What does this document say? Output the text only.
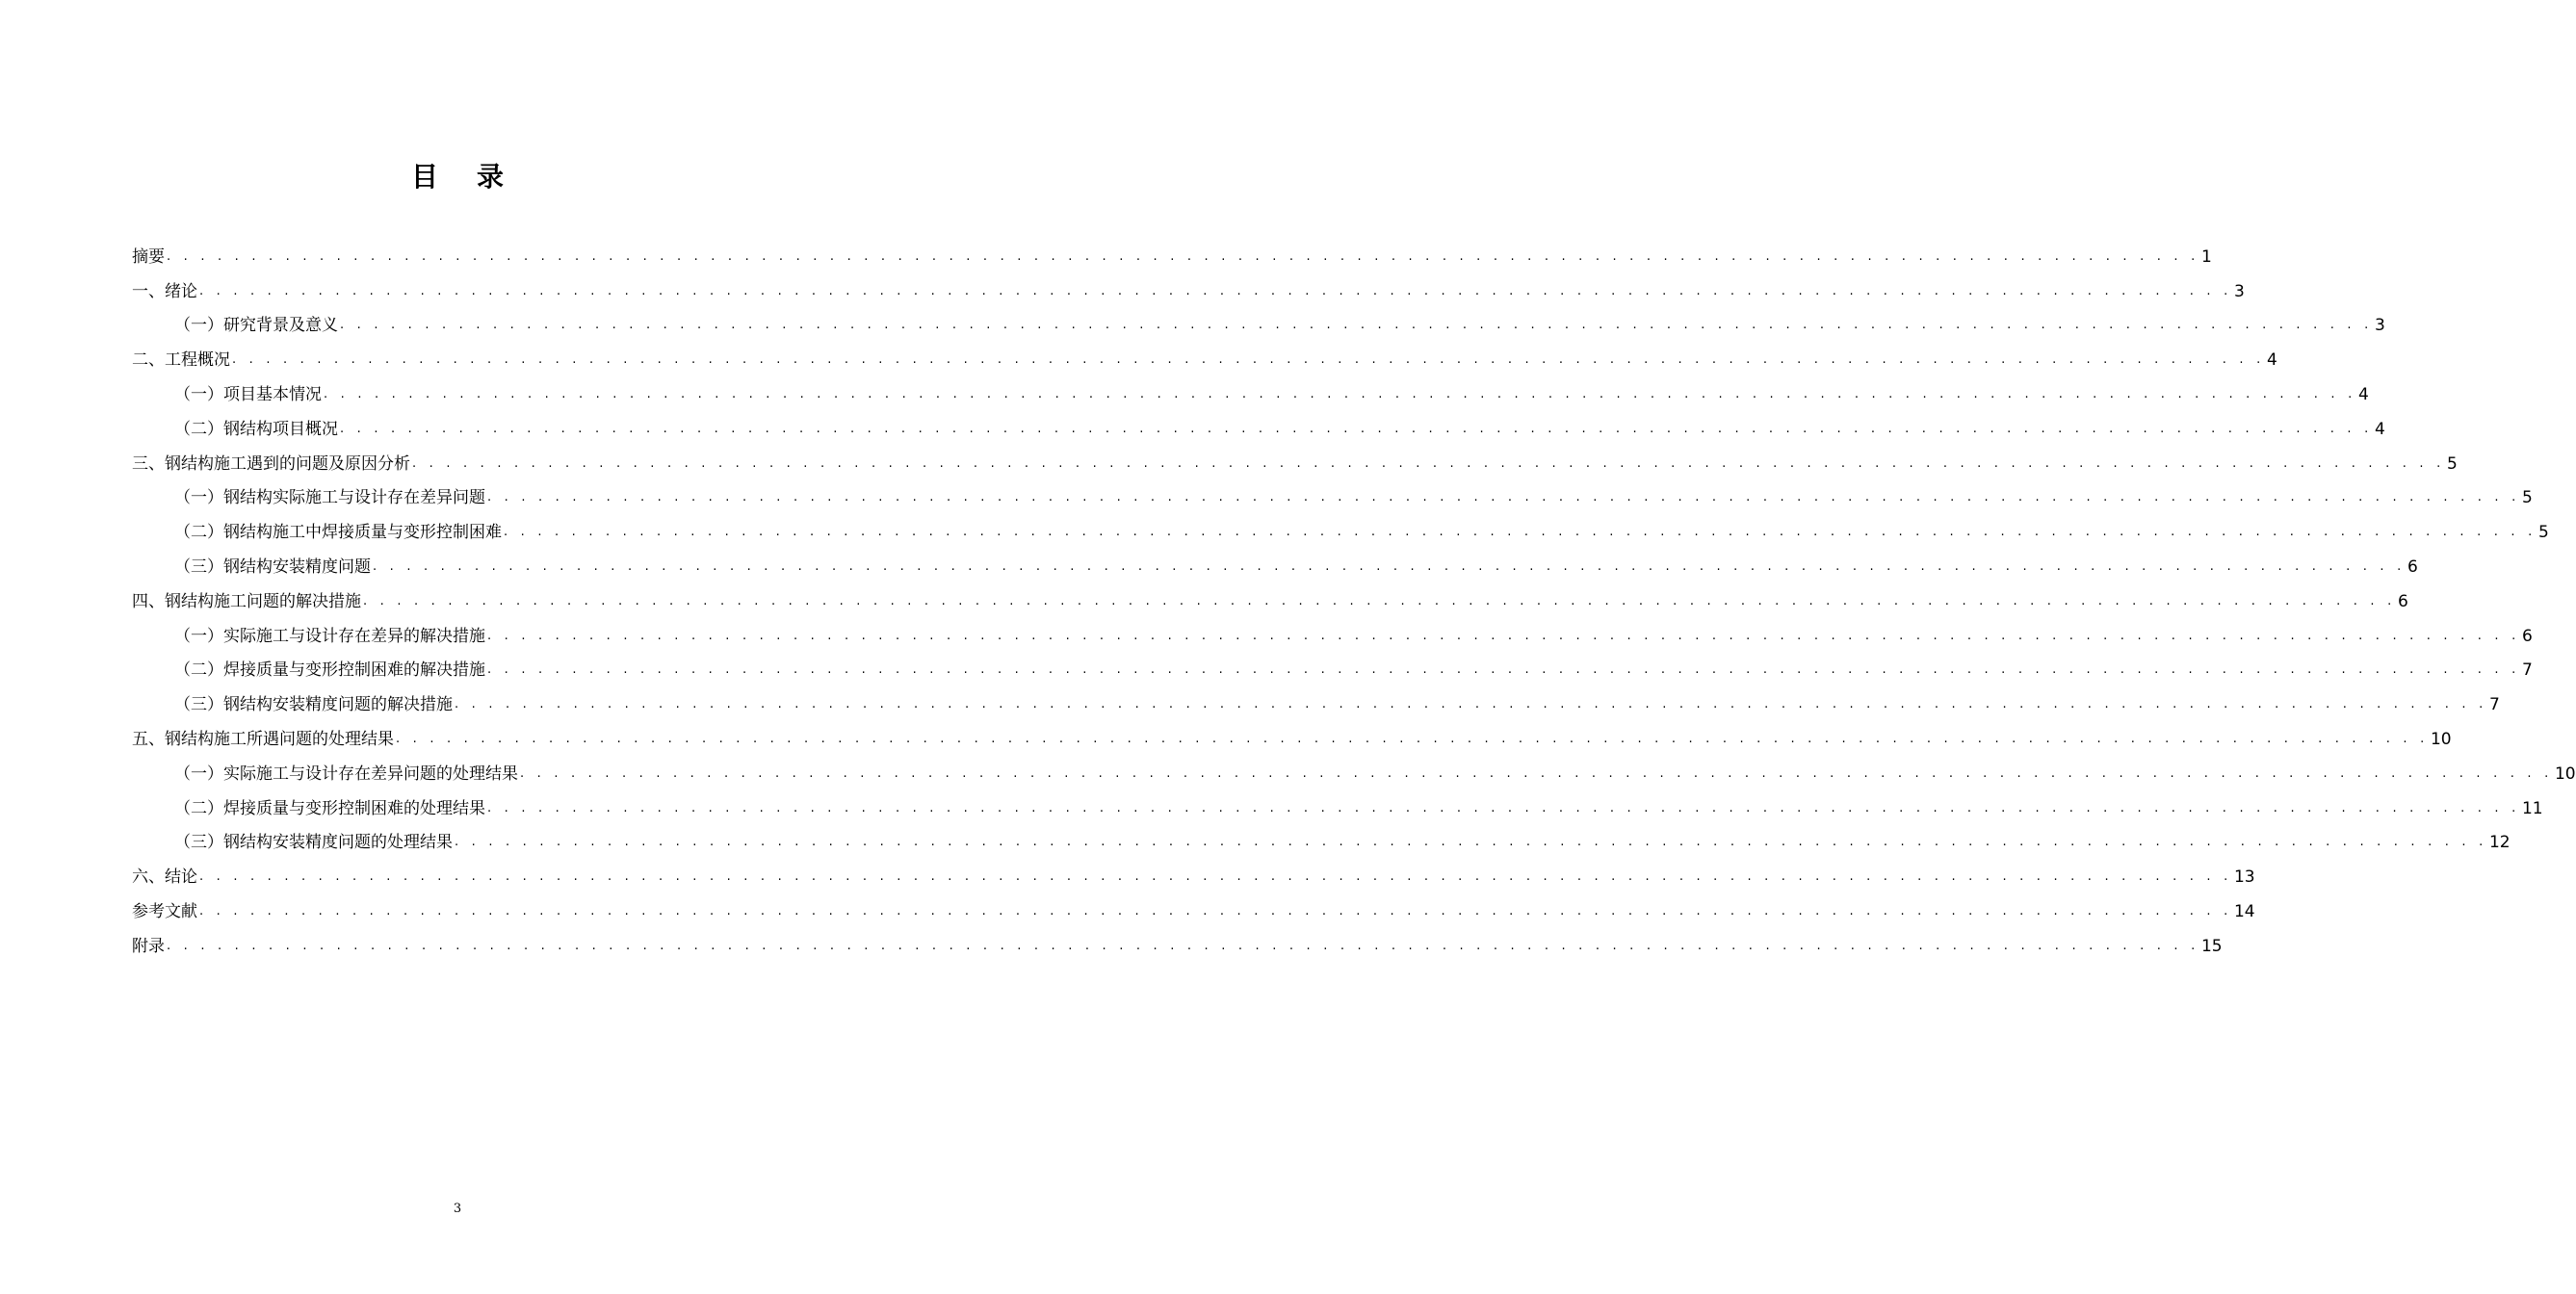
目录
摘要 . . . . . . . . . . . . . . . . . . . . . . . . . . . . . . . . . . . . . . . . . . . . . . . . . . . . . . . . . . . . . . . . . . . . . . . . . . . . . . . . . . . . . . . . . . . . . . . . . . . . . . . . . . . . . . . . . . . . . . . . 1
一、绪论 . . . . . . . . . . . . . . . . . . . . . . . . . . . . . . . . . . . . . . . . . . . . . . . . . . . . . . . . . . . . . . . . . . . . . . . . . . . . . . . . . . . . . . . . . . . . . . . . . . . . . . . . . . . . . . . . . . . . . . . . 3
（一）研究背景及意义 . . . . . . . . . . . . . . . . . . . . . . . . . . . . . . . . . . . . . . . . . . . . . . . . . . . . . . . . . . . . . . . . . . . . . . . . . . . . . . . . . . . . . . . . . . . . . . . . . . . . . . . . . . . . . . . . . . . . . . . . 3
二、工程概况 . . . . . . . . . . . . . . . . . . . . . . . . . . . . . . . . . . . . . . . . . . . . . . . . . . . . . . . . . . . . . . . . . . . . . . . . . . . . . . . . . . . . . . . . . . . . . . . . . . . . . . . . . . . . . . . . . . . . . . . . 4
（一）项目基本情况 . . . . . . . . . . . . . . . . . . . . . . . . . . . . . . . . . . . . . . . . . . . . . . . . . . . . . . . . . . . . . . . . . . . . . . . . . . . . . . . . . . . . . . . . . . . . . . . . . . . . . . . . . . . . . . . . . . . . . . . . 4
（二）钢结构项目概况 . . . . . . . . . . . . . . . . . . . . . . . . . . . . . . . . . . . . . . . . . . . . . . . . . . . . . . . . . . . . . . . . . . . . . . . . . . . . . . . . . . . . . . . . . . . . . . . . . . . . . . . . . . . . . . . . . . . . . . . . 4
三、钢结构施工遇到的问题及原因分析 . . . . . . . . . . . . . . . . . . . . . . . . . . . . . . . . . . . . . . . . . . . . . . . . . . . . . . . . . . . . . . . . . . . . . . . . . . . . . . . . . . . . . . . . . . . . . . . . . . . . . . . . . . . . . . . . . . . . . . . . 5
（一）钢结构实际施工与设计存在差异问题 . . . . . . . . . . . . . . . . . . . . . . . . . . . . . . . . . . . . . . . . . . . . . . . . . . . . . . . . . . . . . . . . . . . . . . . . . . . . . . . . . . . . . . . . . . . . . . . . . . . . . . . . . . . . . . . . . . . . . . . . 5
（二）钢结构施工中焊接质量与变形控制困难 . . . . . . . . . . . . . . . . . . . . . . . . . . . . . . . . . . . . . . . . . . . . . . . . . . . . . . . . . . . . . . . . . . . . . . . . . . . . . . . . . . . . . . . . . . . . . . . . . . . . . . . . . . . . . . . . . . . . . . . . 5
（三）钢结构安装精度问题 . . . . . . . . . . . . . . . . . . . . . . . . . . . . . . . . . . . . . . . . . . . . . . . . . . . . . . . . . . . . . . . . . . . . . . . . . . . . . . . . . . . . . . . . . . . . . . . . . . . . . . . . . . . . . . . . . . . . . . . . 6
四、钢结构施工问题的解决措施 . . . . . . . . . . . . . . . . . . . . . . . . . . . . . . . . . . . . . . . . . . . . . . . . . . . . . . . . . . . . . . . . . . . . . . . . . . . . . . . . . . . . . . . . . . . . . . . . . . . . . . . . . . . . . . . . . . . . . . . . 6
（一）实际施工与设计存在差异的解决措施 . . . . . . . . . . . . . . . . . . . . . . . . . . . . . . . . . . . . . . . . . . . . . . . . . . . . . . . . . . . . . . . . . . . . . . . . . . . . . . . . . . . . . . . . . . . . . . . . . . . . . . . . . . . . . . . . . . . . . . . . 6
（二）焊接质量与变形控制困难的解决措施 . . . . . . . . . . . . . . . . . . . . . . . . . . . . . . . . . . . . . . . . . . . . . . . . . . . . . . . . . . . . . . . . . . . . . . . . . . . . . . . . . . . . . . . . . . . . . . . . . . . . . . . . . . . . . . . . . . . . . . . . 7
（三）钢结构安装精度问题的解决措施 . . . . . . . . . . . . . . . . . . . . . . . . . . . . . . . . . . . . . . . . . . . . . . . . . . . . . . . . . . . . . . . . . . . . . . . . . . . . . . . . . . . . . . . . . . . . . . . . . . . . . . . . . . . . . . . . . . . . . . . . 7
五、钢结构施工所遇问题的处理结果 . . . . . . . . . . . . . . . . . . . . . . . . . . . . . . . . . . . . . . . . . . . . . . . . . . . . . . . . . . . . . . . . . . . . . . . . . . . . . . . . . . . . . . . . . . . . . . . . . . . . . . . . . . . . . . . . . . . . . . . . 10
（一）实际施工与设计存在差异问题的处理结果 . . . . . . . . . . . . . . . . . . . . . . . . . . . . . . . . . . . . . . . . . . . . . . . . . . . . . . . . . . . . . . . . . . . . . . . . . . . . . . . . . . . . . . . . . . . . . . . . . . . . . . . . . . . . . . . . . . . . . . . . 10
（二）焊接质量与变形控制困难的处理结果 . . . . . . . . . . . . . . . . . . . . . . . . . . . . . . . . . . . . . . . . . . . . . . . . . . . . . . . . . . . . . . . . . . . . . . . . . . . . . . . . . . . . . . . . . . . . . . . . . . . . . . . . . . . . . . . . . . . . . . . . 11
（三）钢结构安装精度问题的处理结果 . . . . . . . . . . . . . . . . . . . . . . . . . . . . . . . . . . . . . . . . . . . . . . . . . . . . . . . . . . . . . . . . . . . . . . . . . . . . . . . . . . . . . . . . . . . . . . . . . . . . . . . . . . . . . . . . . . . . . . . . 12
六、结论 . . . . . . . . . . . . . . . . . . . . . . . . . . . . . . . . . . . . . . . . . . . . . . . . . . . . . . . . . . . . . . . . . . . . . . . . . . . . . . . . . . . . . . . . . . . . . . . . . . . . . . . . . . . . . . . . . . . . . . . . 13
参考文献 . . . . . . . . . . . . . . . . . . . . . . . . . . . . . . . . . . . . . . . . . . . . . . . . . . . . . . . . . . . . . . . . . . . . . . . . . . . . . . . . . . . . . . . . . . . . . . . . . . . . . . . . . . . . . . . . . . . . . . . . 14
附录 . . . . . . . . . . . . . . . . . . . . . . . . . . . . . . . . . . . . . . . . . . . . . . . . . . . . . . . . . . . . . . . . . . . . . . . . . . . . . . . . . . . . . . . . . . . . . . . . . . . . . . . . . . . . . . . . . . . . . . . . 15
3
